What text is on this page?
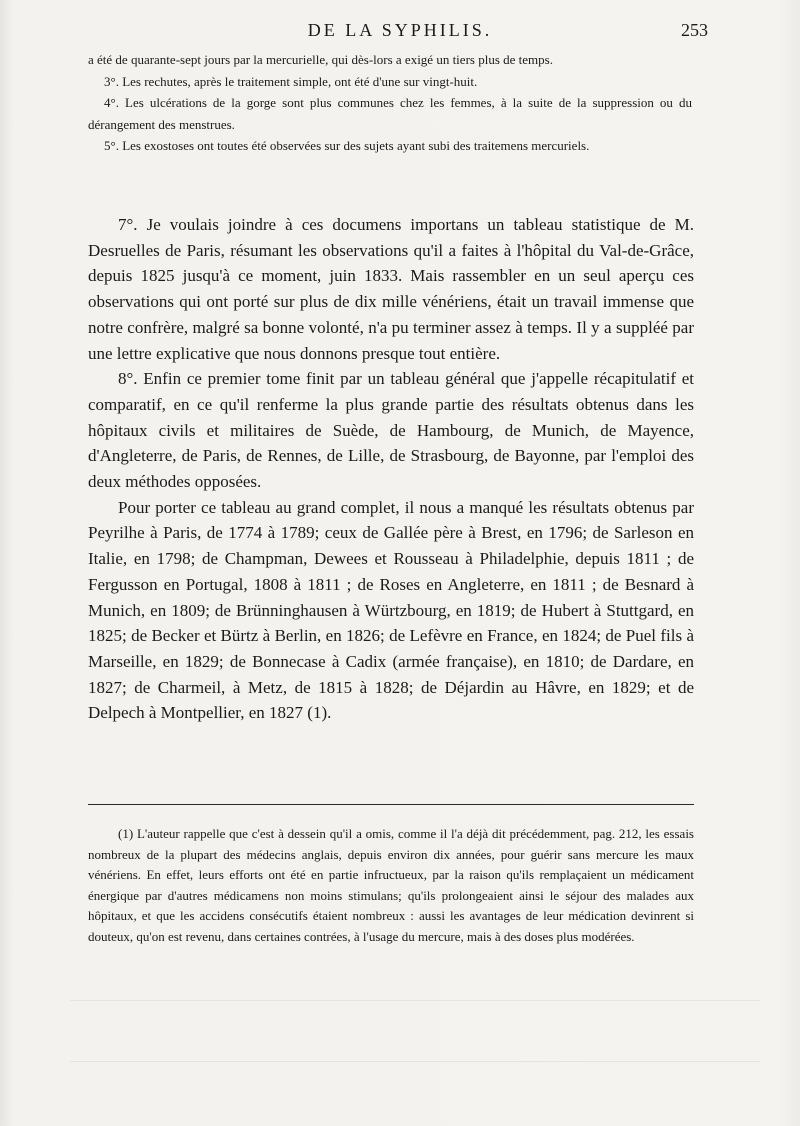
DE LA SYPHILIS.	253

a été de quarante-sept jours par la mercurielle, qui dès-lors a exigé un tiers plus de temps.

3°. Les rechutes, après le traitement simple, ont été d'une sur vingt-huit.

4°. Les ulcérations de la gorge sont plus communes chez les femmes, à la suite de la suppression ou du dérangement des menstrues.

5°. Les exostoses ont toutes été observées sur des sujets ayant subi des traitemens mercuriels.

7°. Je voulais joindre à ces documens importans un tableau statistique de M. Desruelles de Paris, résumant les observations qu'il a faites à l'hôpital du Val-de-Grâce, depuis 1825 jusqu'à ce moment, juin 1833. Mais rassembler en un seul aperçu ces observations qui ont porté sur plus de dix mille vénériens, était un travail immense que notre confrère, malgré sa bonne volonté, n'a pu terminer assez à temps. Il y a suppléé par une lettre explicative que nous donnons presque tout entière.

8°. Enfin ce premier tome finit par un tableau général que j'appelle récapitulatif et comparatif, en ce qu'il renferme la plus grande partie des résultats obtenus dans les hôpitaux civils et militaires de Suède, de Hambourg, de Munich, de Mayence, d'Angleterre, de Paris, de Rennes, de Lille, de Strasbourg, de Bayonne, par l'emploi des deux méthodes opposées.

Pour porter ce tableau au grand complet, il nous a manqué les résultats obtenus par Peyrilhe à Paris, de 1774 à 1789; ceux de Gallée père à Brest, en 1796; de Sarleson en Italie, en 1798; de Champman, Dewees et Rousseau à Philadelphie, depuis 1811 ; de Fergusson en Portugal, 1808 à 1811 ; de Roses en Angleterre, en 1811 ; de Besnard à Munich, en 1809; de Brünninghausen à Würtzbourg, en 1819; de Hubert à Stuttgard, en 1825; de Becker et Bürtz à Berlin, en 1826; de Lefèvre en France, en 1824; de Puel fils à Marseille, en 1829; de Bonnecase à Cadix (armée française), en 1810; de Dardare, en 1827; de Charmeil, à Metz, de 1815 à 1828; de Déjardin au Hâvre, en 1829; et de Delpech à Montpellier, en 1827 (1).

(1) L'auteur rappelle que c'est à dessein qu'il a omis, comme il l'a déjà dit précédemment, pag. 212, les essais nombreux de la plupart des médecins anglais, depuis environ dix années, pour guérir sans mercure les maux vénériens. En effet, leurs efforts ont été en partie infructueux, par la raison qu'ils remplaçaient un médicament énergique par d'autres médicamens non moins stimulans; qu'ils prolongeaient ainsi le séjour des malades aux hôpitaux, et que les accidens consécutifs étaient nombreux : aussi les avantages de leur médication devinrent si douteux, qu'on est revenu, dans certaines contrées, à l'usage du mercure, mais à des doses plus modérées.
